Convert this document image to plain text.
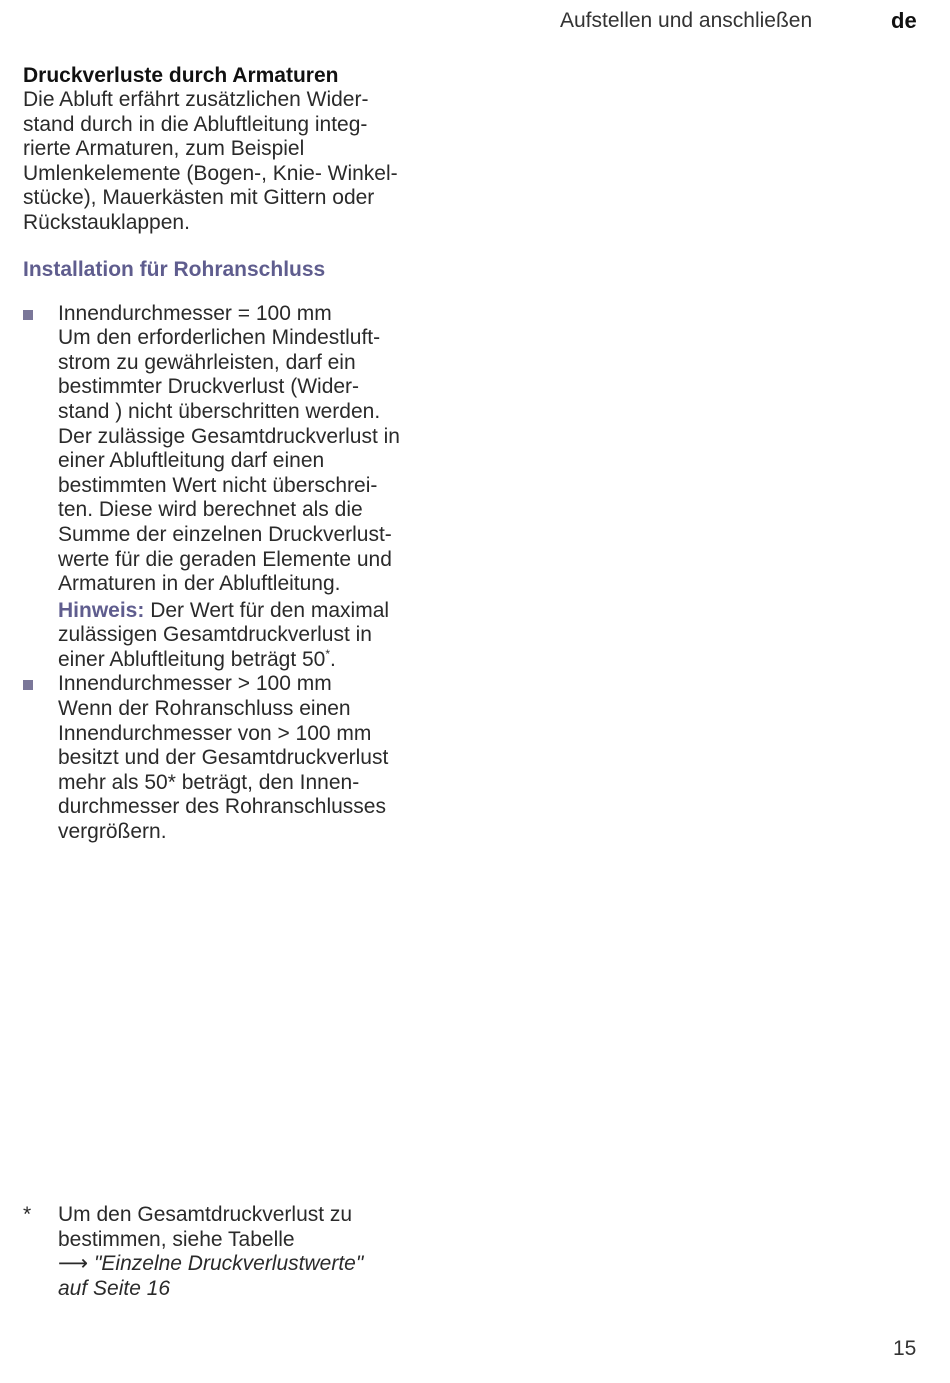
Aufstellen und anschließen	de
Druckverluste durch Armaturen
Die Abluft erfährt zusätzlichen Wider-
stand durch in die Abluftleitung integ-
rierte Armaturen, zum Beispiel
Umlenkelemente (Bogen-, Knie- Winkel-
stücke), Mauerkästen mit Gittern oder
Rückstauklappen.
Installation für Rohranschluss
Innendurchmesser = 100 mm
Um den erforderlichen Mindestluft-
strom zu gewährleisten, darf ein
bestimmter Druckverlust (Wider-
stand ) nicht überschritten werden.
Der zulässige Gesamtdruckverlust in
einer Abluftleitung darf einen
bestimmten Wert nicht überschrei-
ten. Diese wird berechnet als die
Summe der einzelnen Druckverlust-
werte für die geraden Elemente und
Armaturen in der Abluftleitung.
Hinweis: Der Wert für den maximal
zulässigen Gesamtdruckverlust in
einer Abluftleitung beträgt 50*.
Innendurchmesser > 100 mm
Wenn der Rohranschluss einen
Innendurchmesser von > 100 mm
besitzt und der Gesamtdruckverlust
mehr als 50* beträgt, den Innen-
durchmesser des Rohranschlusses
vergrößern.
* Um den Gesamtdruckverlust zu
bestimmen, siehe Tabelle
⟶ "Einzelne Druckverlustwerte"
auf Seite 16
15
